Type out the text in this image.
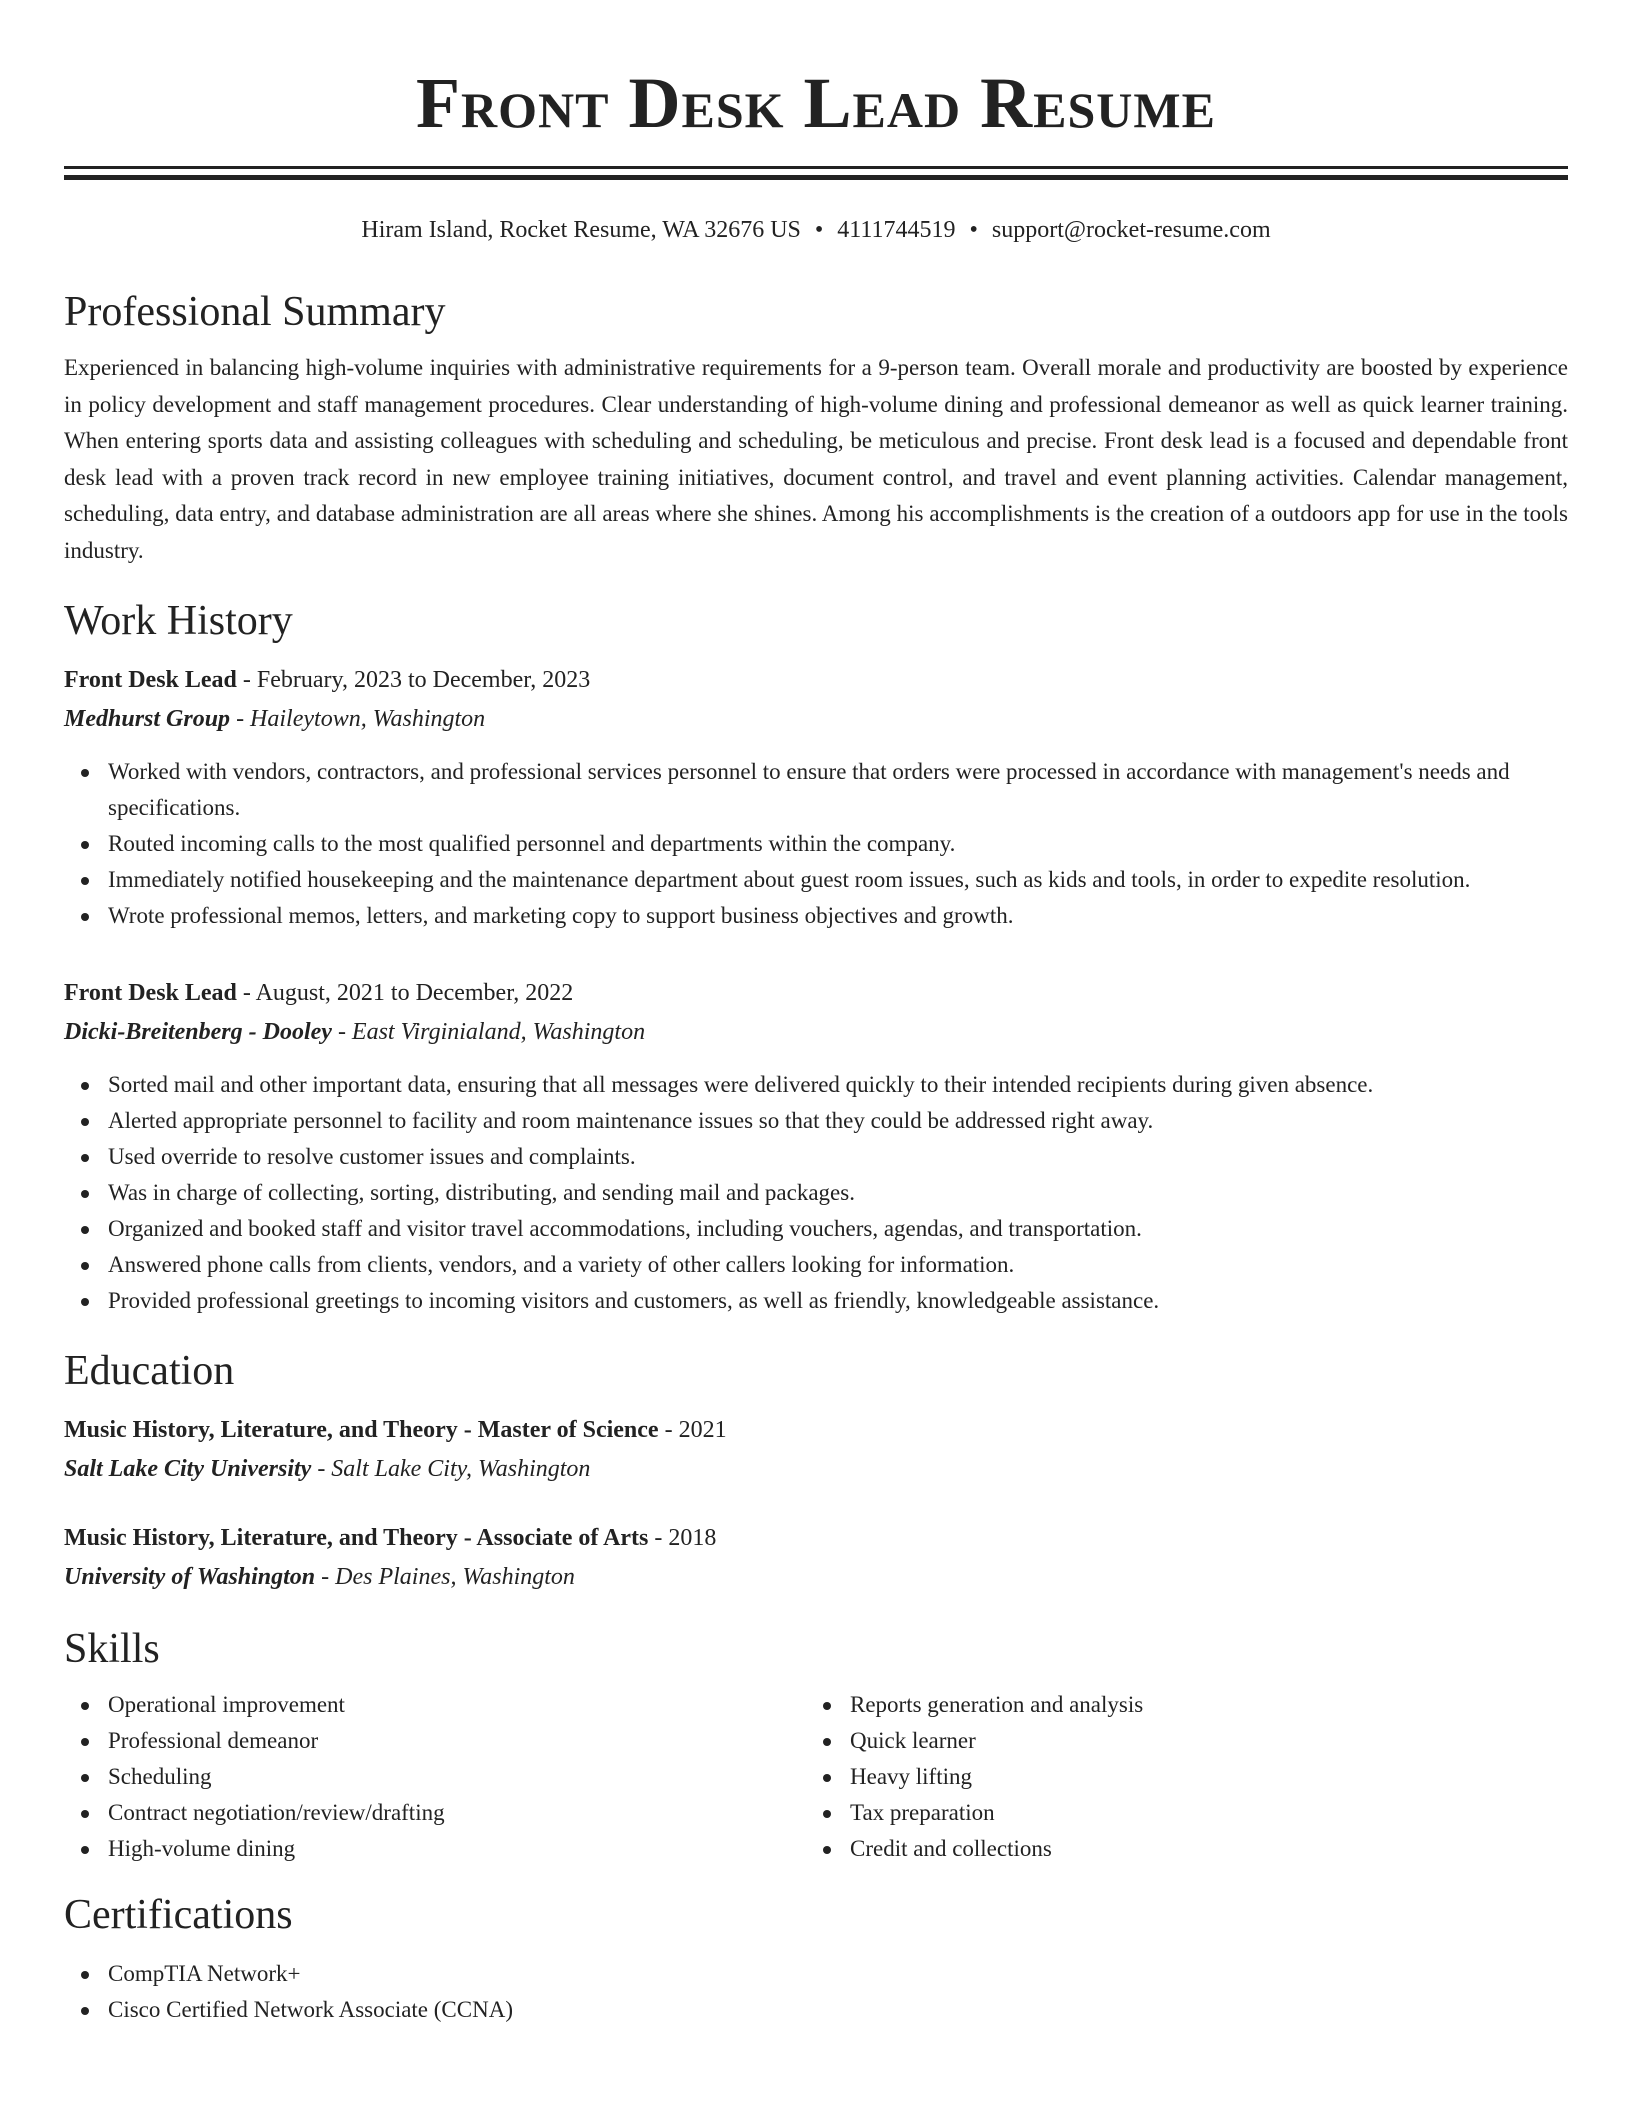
Front Desk Lead Resume
Hiram Island, Rocket Resume, WA 32676 US • 4111744519 • support@rocket-resume.com
Professional Summary

Experienced in balancing high-volume inquiries with administrative requirements for a 9-person team. Overall morale and productivity are boosted by experience in policy development and staff management procedures. Clear understanding of high-volume dining and professional demeanor as well as quick learner training. When entering sports data and assisting colleagues with scheduling and scheduling, be meticulous and precise. Front desk lead is a focused and dependable front desk lead with a proven track record in new employee training initiatives, document control, and travel and event planning activities. Calendar management, scheduling, data entry, and database administration are all areas where she shines. Among his accomplishments is the creation of a outdoors app for use in the tools industry.

Work History
Front Desk Lead - February, 2023 to December, 2023
Medhurst Group - Haileytown, Washington
Worked with vendors, contractors, and professional services personnel to ensure that orders were processed in accordance with management's needs and specifications.
Routed incoming calls to the most qualified personnel and departments within the company.
Immediately notified housekeeping and the maintenance department about guest room issues, such as kids and tools, in order to expedite resolution.
Wrote professional memos, letters, and marketing copy to support business objectives and growth.
Front Desk Lead - August, 2021 to December, 2022
Dicki-Breitenberg - Dooley - East Virginialand, Washington
Sorted mail and other important data, ensuring that all messages were delivered quickly to their intended recipients during given absence.
Alerted appropriate personnel to facility and room maintenance issues so that they could be addressed right away.
Used override to resolve customer issues and complaints.
Was in charge of collecting, sorting, distributing, and sending mail and packages.
Organized and booked staff and visitor travel accommodations, including vouchers, agendas, and transportation.
Answered phone calls from clients, vendors, and a variety of other callers looking for information.
Provided professional greetings to incoming visitors and customers, as well as friendly, knowledgeable assistance.
Education
Music History, Literature, and Theory - Master of Science - 2021
Salt Lake City University - Salt Lake City, Washington
Music History, Literature, and Theory - Associate of Arts - 2018
University of Washington - Des Plaines, Washington
Skills
Operational improvement
Professional demeanor
Scheduling
Contract negotiation/review/drafting
High-volume dining
Reports generation and analysis
Quick learner
Heavy lifting
Tax preparation
Credit and collections
Certifications
CompTIA Network+
Cisco Certified Network Associate (CCNA)
